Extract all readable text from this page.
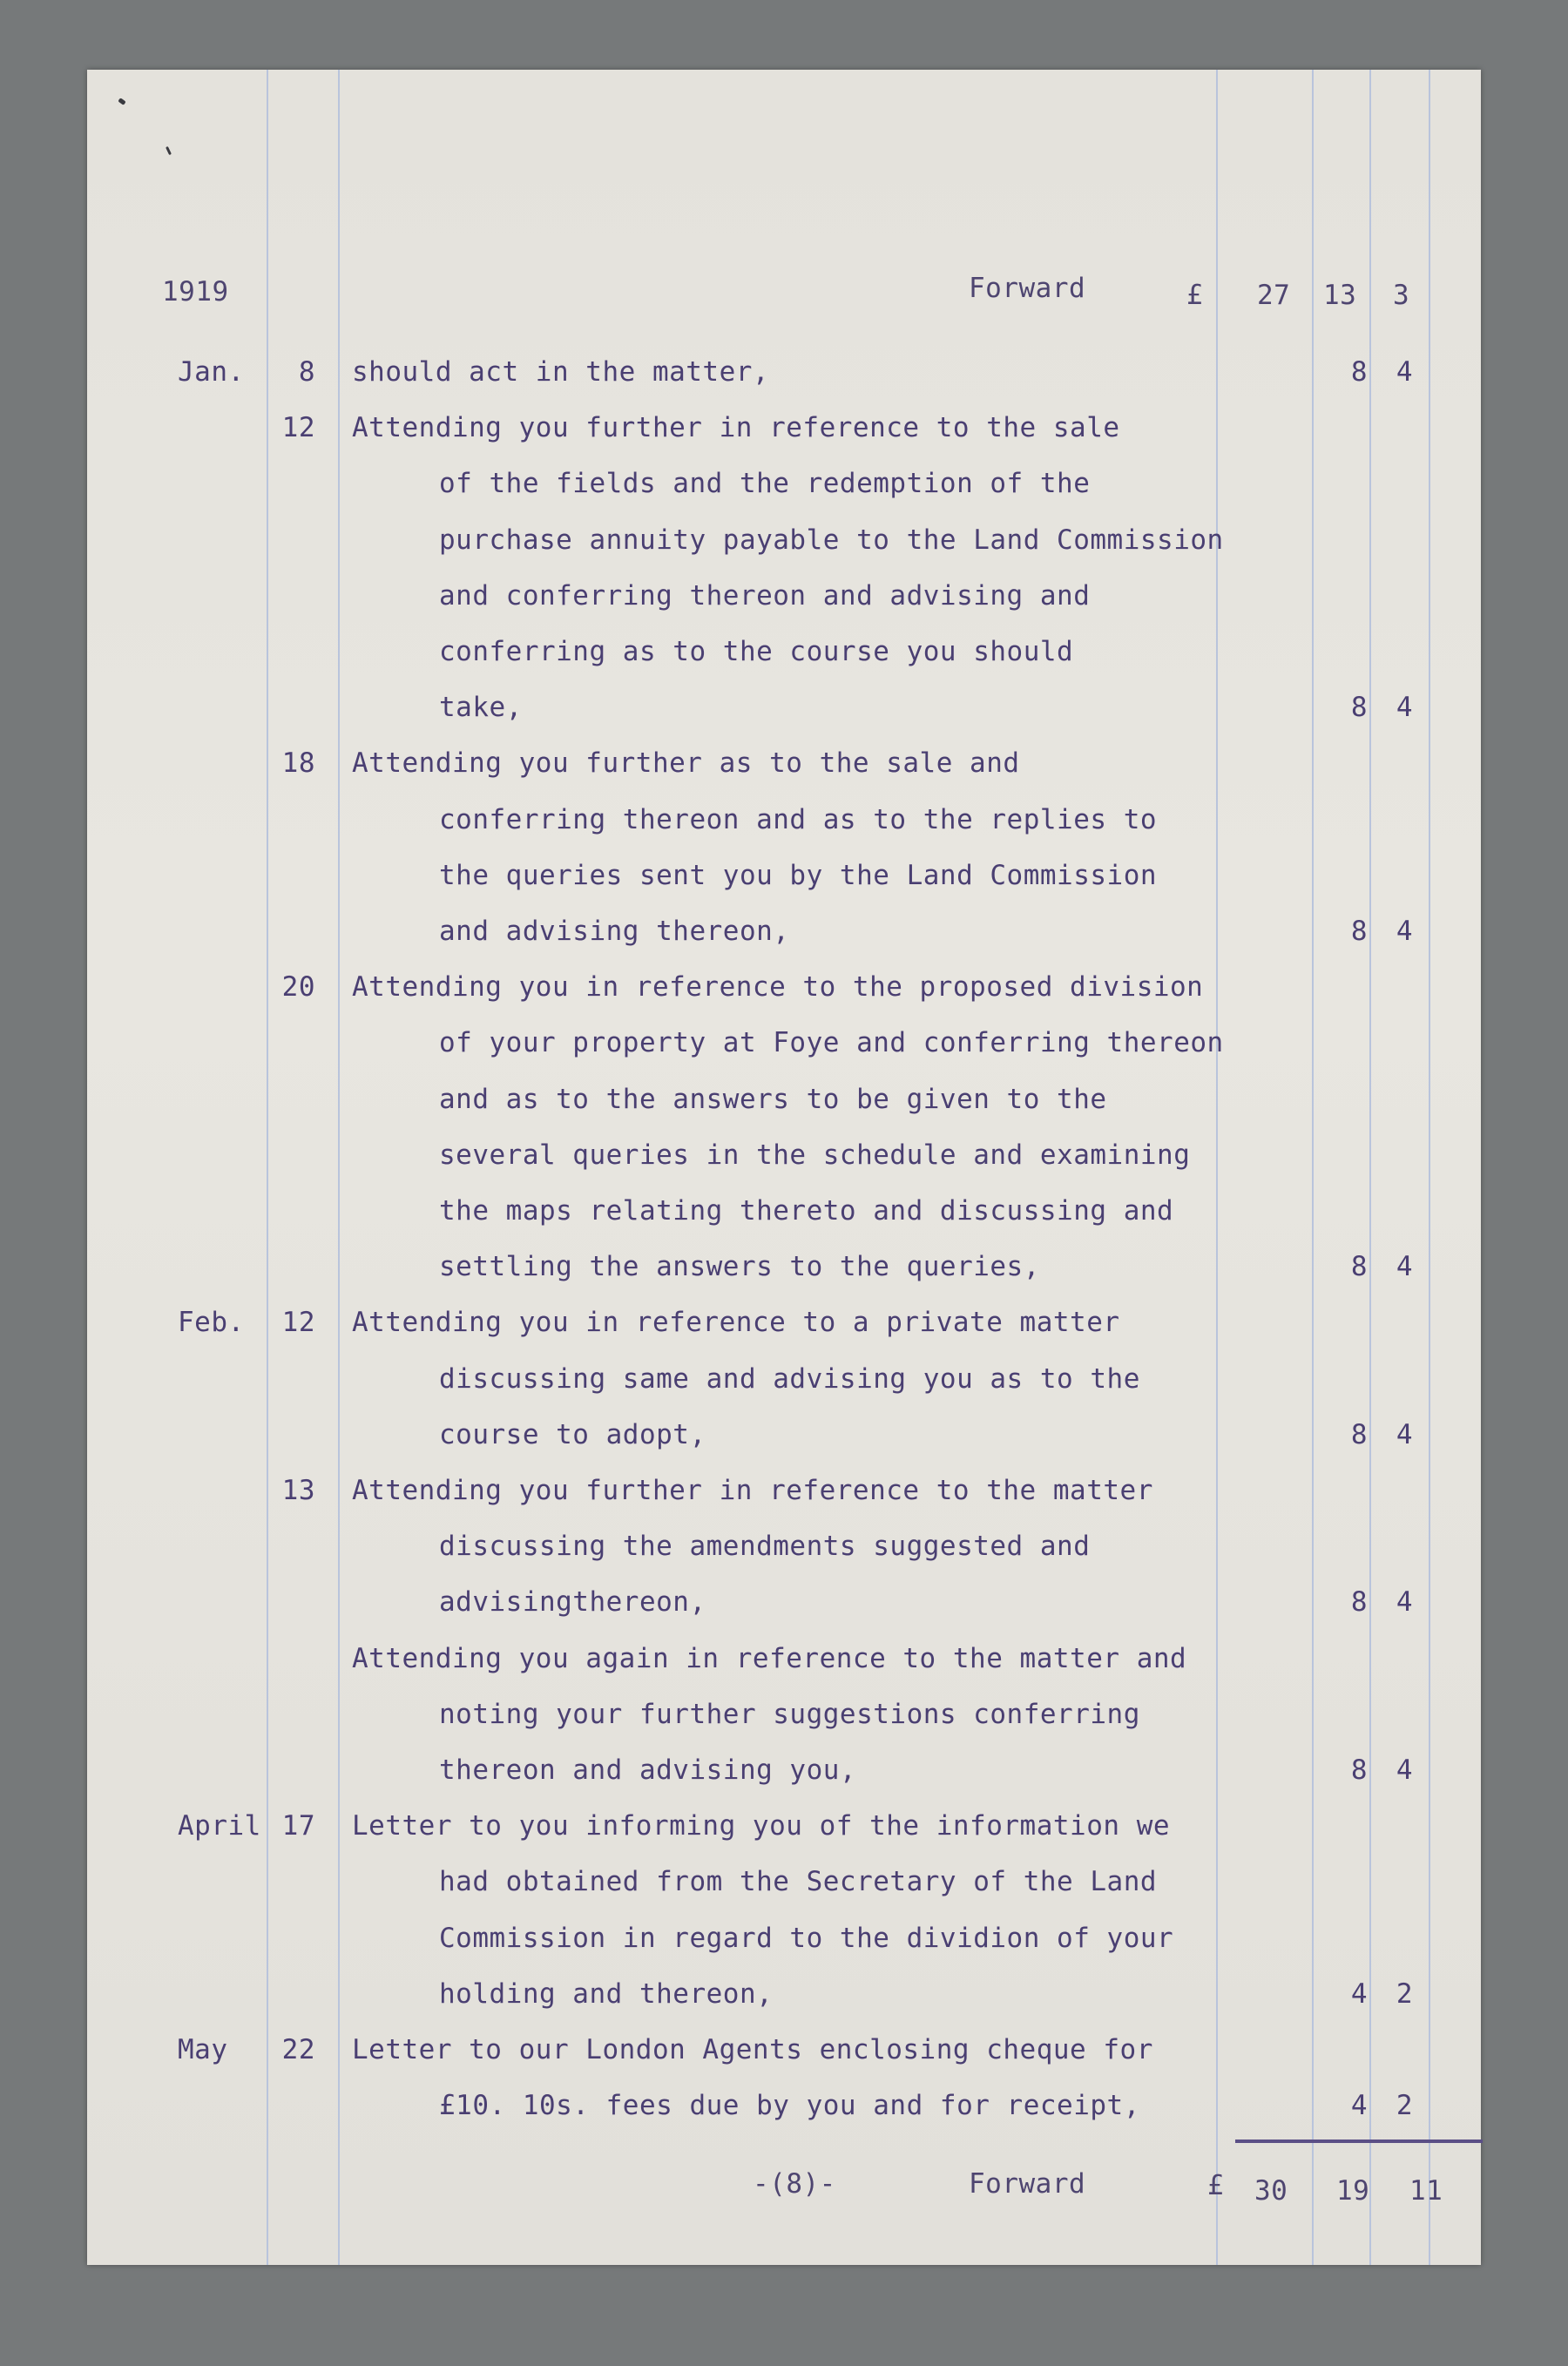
1919	Forward	£ 27 13 3
Jan. 8 should act in the matter,	8 4
12 Attending you further in reference to the sale
of the fields and the redemption of the
purchase annuity payable to the Land Commission
and conferring thereon and advising and
conferring as to the course you should
take,	8 4
18 Attending you further as to the sale and
conferring thereon and as to the replies to
the queries sent you by the Land Commission
and advising thereon,	8 4
20 Attending you in reference to the proposed division
of your property at Foye and conferring thereon
and as to the answers to be given to the
several queries in the schedule and examining
the maps relating thereto and discussing and
settling the answers to the queries,	8 4
Feb. 12 Attending you in reference to a private matter
discussing same and advising you as to the
course to adopt,	8 4
13 Attending you further in reference to the matter
discussing the amendments suggested and
advisingthereon,	8 4
Attending you again in reference to the matter and
noting your further suggestions conferring
thereon and advising you,	8 4
April 17 Letter to you informing you of the information we
had obtained from the Secretary of the Land
Commission in regard to the dividion of your
holding and thereon,	4 2
May 22 Letter to our London Agents enclosing cheque for
£10. 10s. fees due by you and for receipt,	4 2
-(8)-	Forward	£ 30 19 11
